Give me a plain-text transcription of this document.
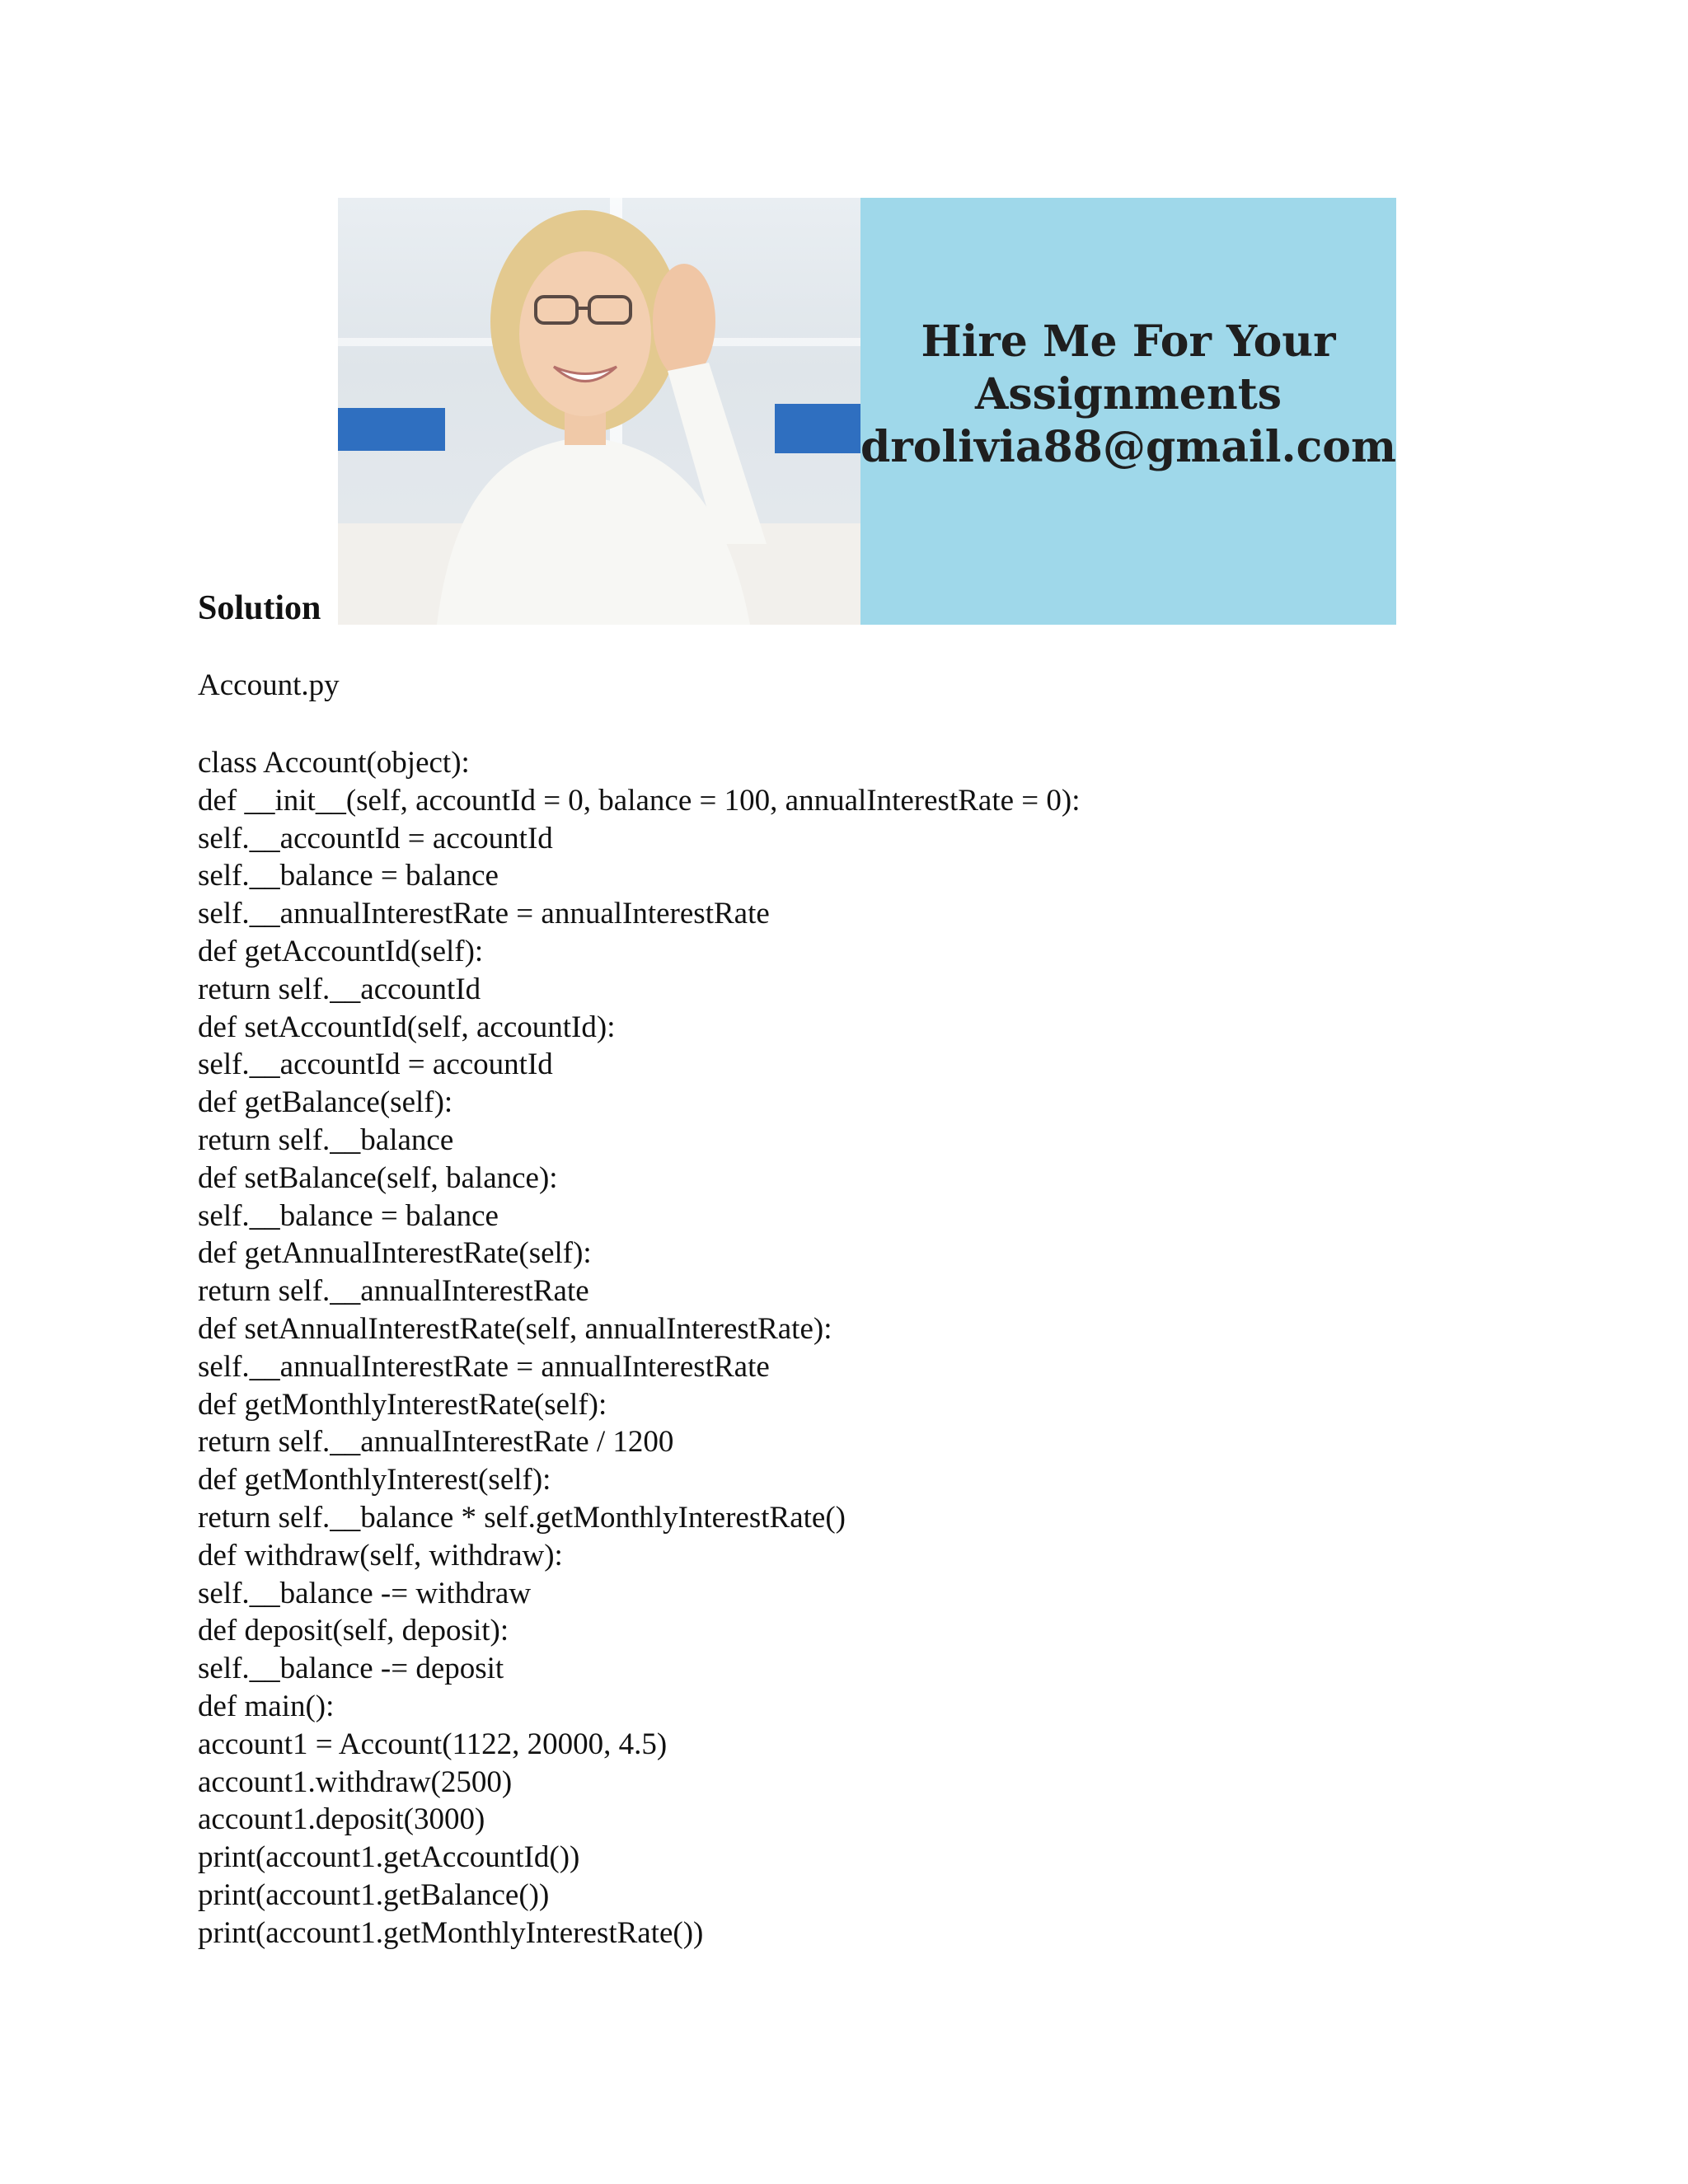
Hire Me For Your
Assignments
drolivia88@gmail.com
Solution

Account.py

class Account(object):
def __init__(self, accountId = 0, balance = 100, annualInterestRate = 0):
self.__accountId = accountId
self.__balance = balance
self.__annualInterestRate = annualInterestRate
def getAccountId(self):
return self.__accountId
def setAccountId(self, accountId):
self.__accountId = accountId
def getBalance(self):
return self.__balance
def setBalance(self, balance):
self.__balance = balance
def getAnnualInterestRate(self):
return self.__annualInterestRate
def setAnnualInterestRate(self, annualInterestRate):
self.__annualInterestRate = annualInterestRate
def getMonthlyInterestRate(self):
return self.__annualInterestRate / 1200
def getMonthlyInterest(self):
return self.__balance * self.getMonthlyInterestRate()
def withdraw(self, withdraw):
self.__balance -= withdraw
def deposit(self, deposit):
self.__balance -= deposit
def main():
account1 = Account(1122, 20000, 4.5)
account1.withdraw(2500)
account1.deposit(3000)
print(account1.getAccountId())
print(account1.getBalance())
print(account1.getMonthlyInterestRate())
